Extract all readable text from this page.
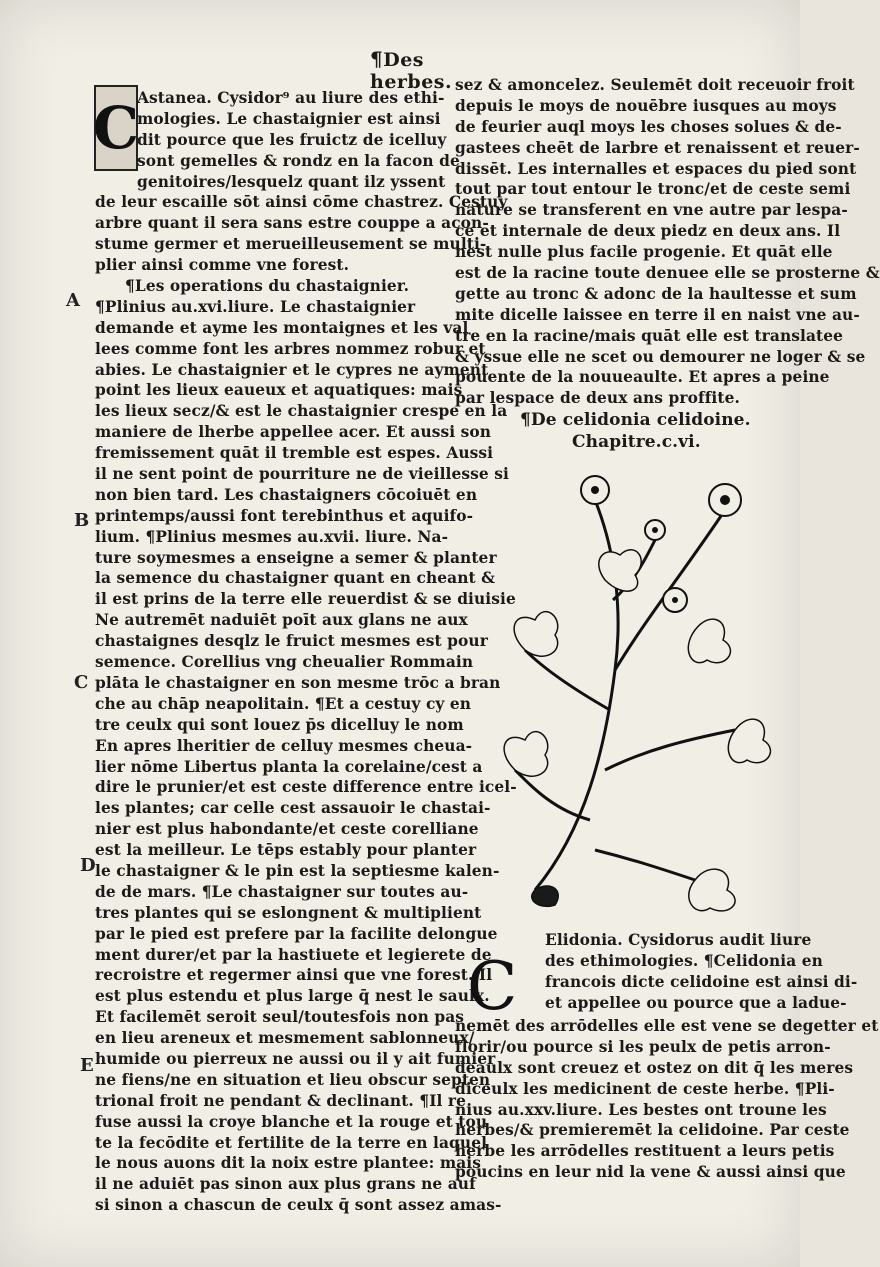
¶Des herbes.
C
Astanea. Cysidor⁹ au liure des ethi-
mologies. Le chastaignier est ainsi
dit pource que les fruictz de icelluy
sont gemelles & rondz en la facon de
genitoires/lesquelz quant ilz yssent
de leur escaille sōt ainsi cōme chastrez. Cestuy
arbre quant il sera sans estre couppe a acon-
stume germer et merueilleusement se multi-
plier ainsi comme vne forest.
¶Les operations du chastaignier.
¶Plinius au.xvi.liure. Le chastaignier
demande et ayme les montaignes et les val
lees comme font les arbres nommez robur et
abies. Le chastaignier et le cypres ne ayment
point les lieux eaueux et aquatiques: mais
les lieux secz/& est le chastaignier crespe en la
maniere de lherbe appellee acer. Et aussi son
fremissement quāt il tremble est espes. Aussi
il ne sent point de pourriture ne de vieillesse si
non bien tard. Les chastaigners cōcoiuēt en
printemps/aussi font terebinthus et aquifo-
lium. ¶Plinius mesmes au.xvii. liure. Na-
ture soymesmes a enseigne a semer & planter
la semence du chastaigner quant en cheant &
il est prins de la terre elle reuerdist & se diuisie
Ne autremēt naduiēt poīt aux glans ne aux
chastaignes desqlz le fruict mesmes est pour
semence. Corellius vng cheualier Rommain
plāta le chastaigner en son mesme trōc a bran
che au chāp neapolitain. ¶Et a cestuy cy en
tre ceulx qui sont louez p̄s dicelluy le nom
En apres lheritier de celluy mesmes cheua-
lier nōme Libertus planta la corelaine/cest a
dire le prunier/et est ceste difference entre icel-
les plantes; car celle cest assauoir le chastai-
nier est plus habondante/et ceste corelliane
est la meilleur. Le tēps estably pour planter
le chastaigner & le pin est la septiesme kalen-
de de mars. ¶Le chastaigner sur toutes au-
tres plantes qui se eslongnent & multiplient
par le pied est prefere par la facilite delongue
ment durer/et par la hastiuete et legierete de
recroistre et regermer ainsi que vne forest. Il
est plus estendu et plus large q̄ nest le saulx.
Et facilemēt seroit seul/toutesfois non pas
en lieu areneux et mesmement sablonneux/
humide ou pierreux ne aussi ou il y ait fumier
ne fiens/ne en situation et lieu obscur septen
trional froit ne pendant & declinant. ¶Il re
fuse aussi la croye blanche et la rouge et tou
te la fecōdite et fertilite de la terre en laquel
le nous auons dit la noix estre plantee: mais
il ne aduiēt pas sinon aux plus grans ne auf
si sinon a chascun de ceulx q̄ sont assez amas-
A
B
C
D
E
sez & amoncelez. Seulemēt doit receuoir froit
depuis le moys de nouēbre iusques au moys
de feurier auql moys les choses solues & de-
gastees cheēt de larbre et renaissent et reuer-
dissēt. Les internalles et espaces du pied sont
tout par tout entour le tronc/et de ceste semi
nature se transferent en vne autre par lespa-
ce et internale de deux piedz en deux ans. Il
nest nulle plus facile progenie. Et quāt elle
est de la racine toute denuee elle se prosterne &
gette au tronc & adonc de la haultesse et sum
mite dicelle laissee en terre il en naist vne au-
tre en la racine/mais quāt elle est translatee
& yssue elle ne scet ou demourer ne loger & se
pouente de la nouueaulte. Et apres a peine
par lespace de deux ans proffite.
¶De celidonia celidoine.
Chapitre.c.vi.
C
Elidonia. Cysidorus audit liure
des ethimologies. ¶Celidonia en
francois dicte celidoine est ainsi di-
et appellee ou pource que a ladue-
nemēt des arrōdelles elle est vene se degetter et
florir/ou pource si les peulx de petis arron-
deaulx sont creuez et ostez on dit q̄ les meres
diceulx les medicinent de ceste herbe. ¶Pli-
nius au.xxv.liure. Les bestes ont troune les
herbes/& premieremēt la celidoine. Par ceste
herbe les arrōdelles restituent a leurs petis
poucins en leur nid la vene & aussi ainsi que
